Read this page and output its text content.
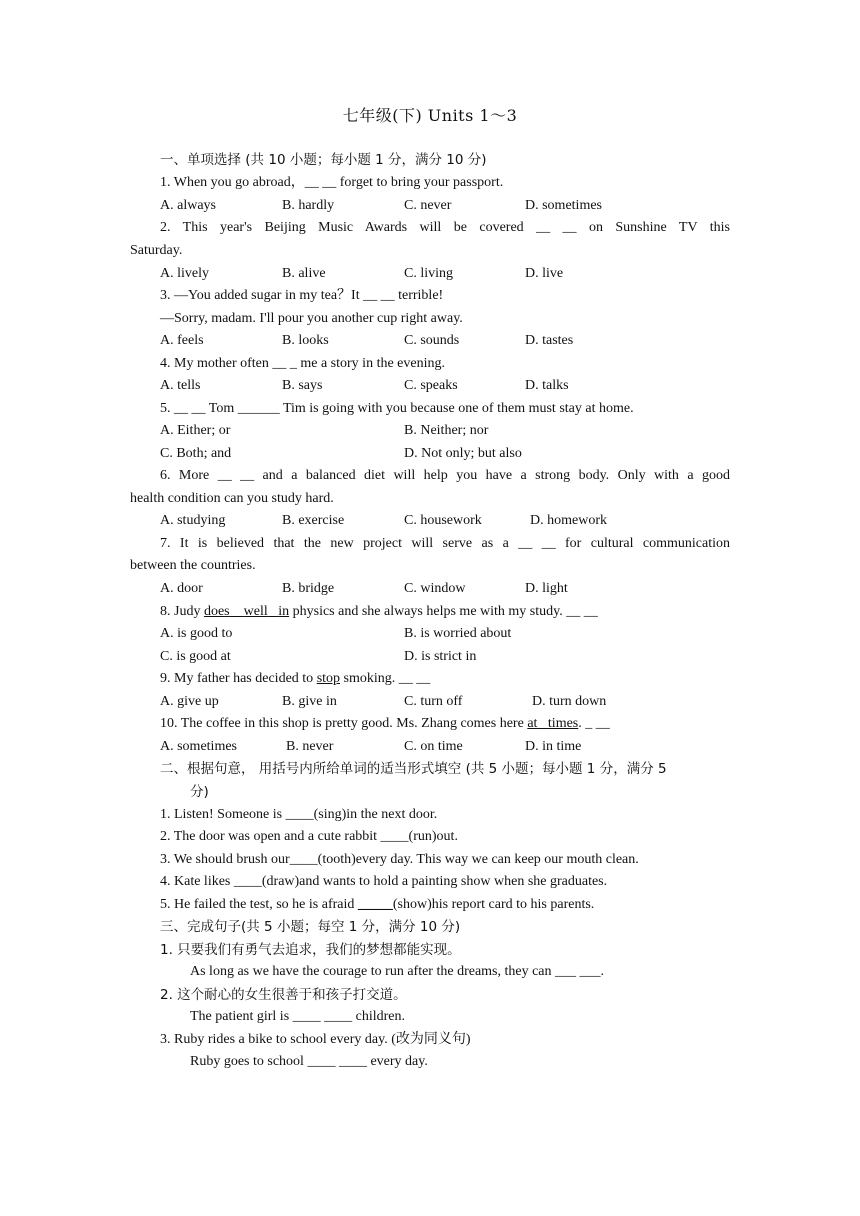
七年级(下) Units 1～3
一、单项选择 (共 10 小题；每小题 1 分，满分 10 分)
1. When you go abroad，__ __ forget to bring your passport.
A. always	B. hardly	C. never	D. sometimes
2. This year's Beijing Music Awards will be covered __ __ on Sunshine TV this
Saturday.
A. lively	B. alive	C. living	D. live
3. —You added sugar in my tea？It __ __ terrible!
—Sorry, madam. I'll pour you another cup right away.
A. feels	B. looks	C. sounds	D. tastes
4. My mother often __ _ me a story in the evening.
A. tells	B. says	C. speaks	D. talks
5. __ __ Tom ______ Tim is going with you because one of them must stay at home.
A. Either; or	B. Neither; nor
C. Both; and	D. Not only; but also
6. More __ __ and a balanced diet will help you have a strong body. Only with a good
health condition can you study hard.
A. studying	B. exercise	C. housework	D. homework
7. It is believed that the new project will serve as a __ __ for cultural communication
between the countries.
A. door	B. bridge	C. window	D. light
8. Judy does well in physics and she always helps me with my study. __ __
A. is good to	B. is worried about
C. is good at	D. is strict in
9. My father has decided to stop smoking. __ __
A. give up	B. give in	C. turn off	D. turn down
10. The coffee in this shop is pretty good. Ms. Zhang comes here at times. _ __
A. sometimes	B. never	C. on time	D. in time
二、根据句意， 用括号内所给单词的适当形式填空 (共 5 小题；每小题 1 分，满分 5
分)
1. Listen! Someone is ____(sing)in the next door.
2. The door was open and a cute rabbit ____(run)out.
3. We should brush our____(tooth)every day. This way we can keep our mouth clean.
4. Kate likes ____(draw)and wants to hold a painting show when she graduates.
5. He failed the test, so he is afraid _____(show)his report card to his parents.
三、完成句子(共 5 小题；每空 1 分，满分 10 分)
1. 只要我们有勇气去追求，我们的梦想都能实现。
As long as we have the courage to run after the dreams, they can ___ ___.
2. 这个耐心的女生很善于和孩子打交道。
The patient girl is ____ ____ children.
3. Ruby rides a bike to school every day. (改为同义句)
Ruby goes to school ____ ____ every day.
